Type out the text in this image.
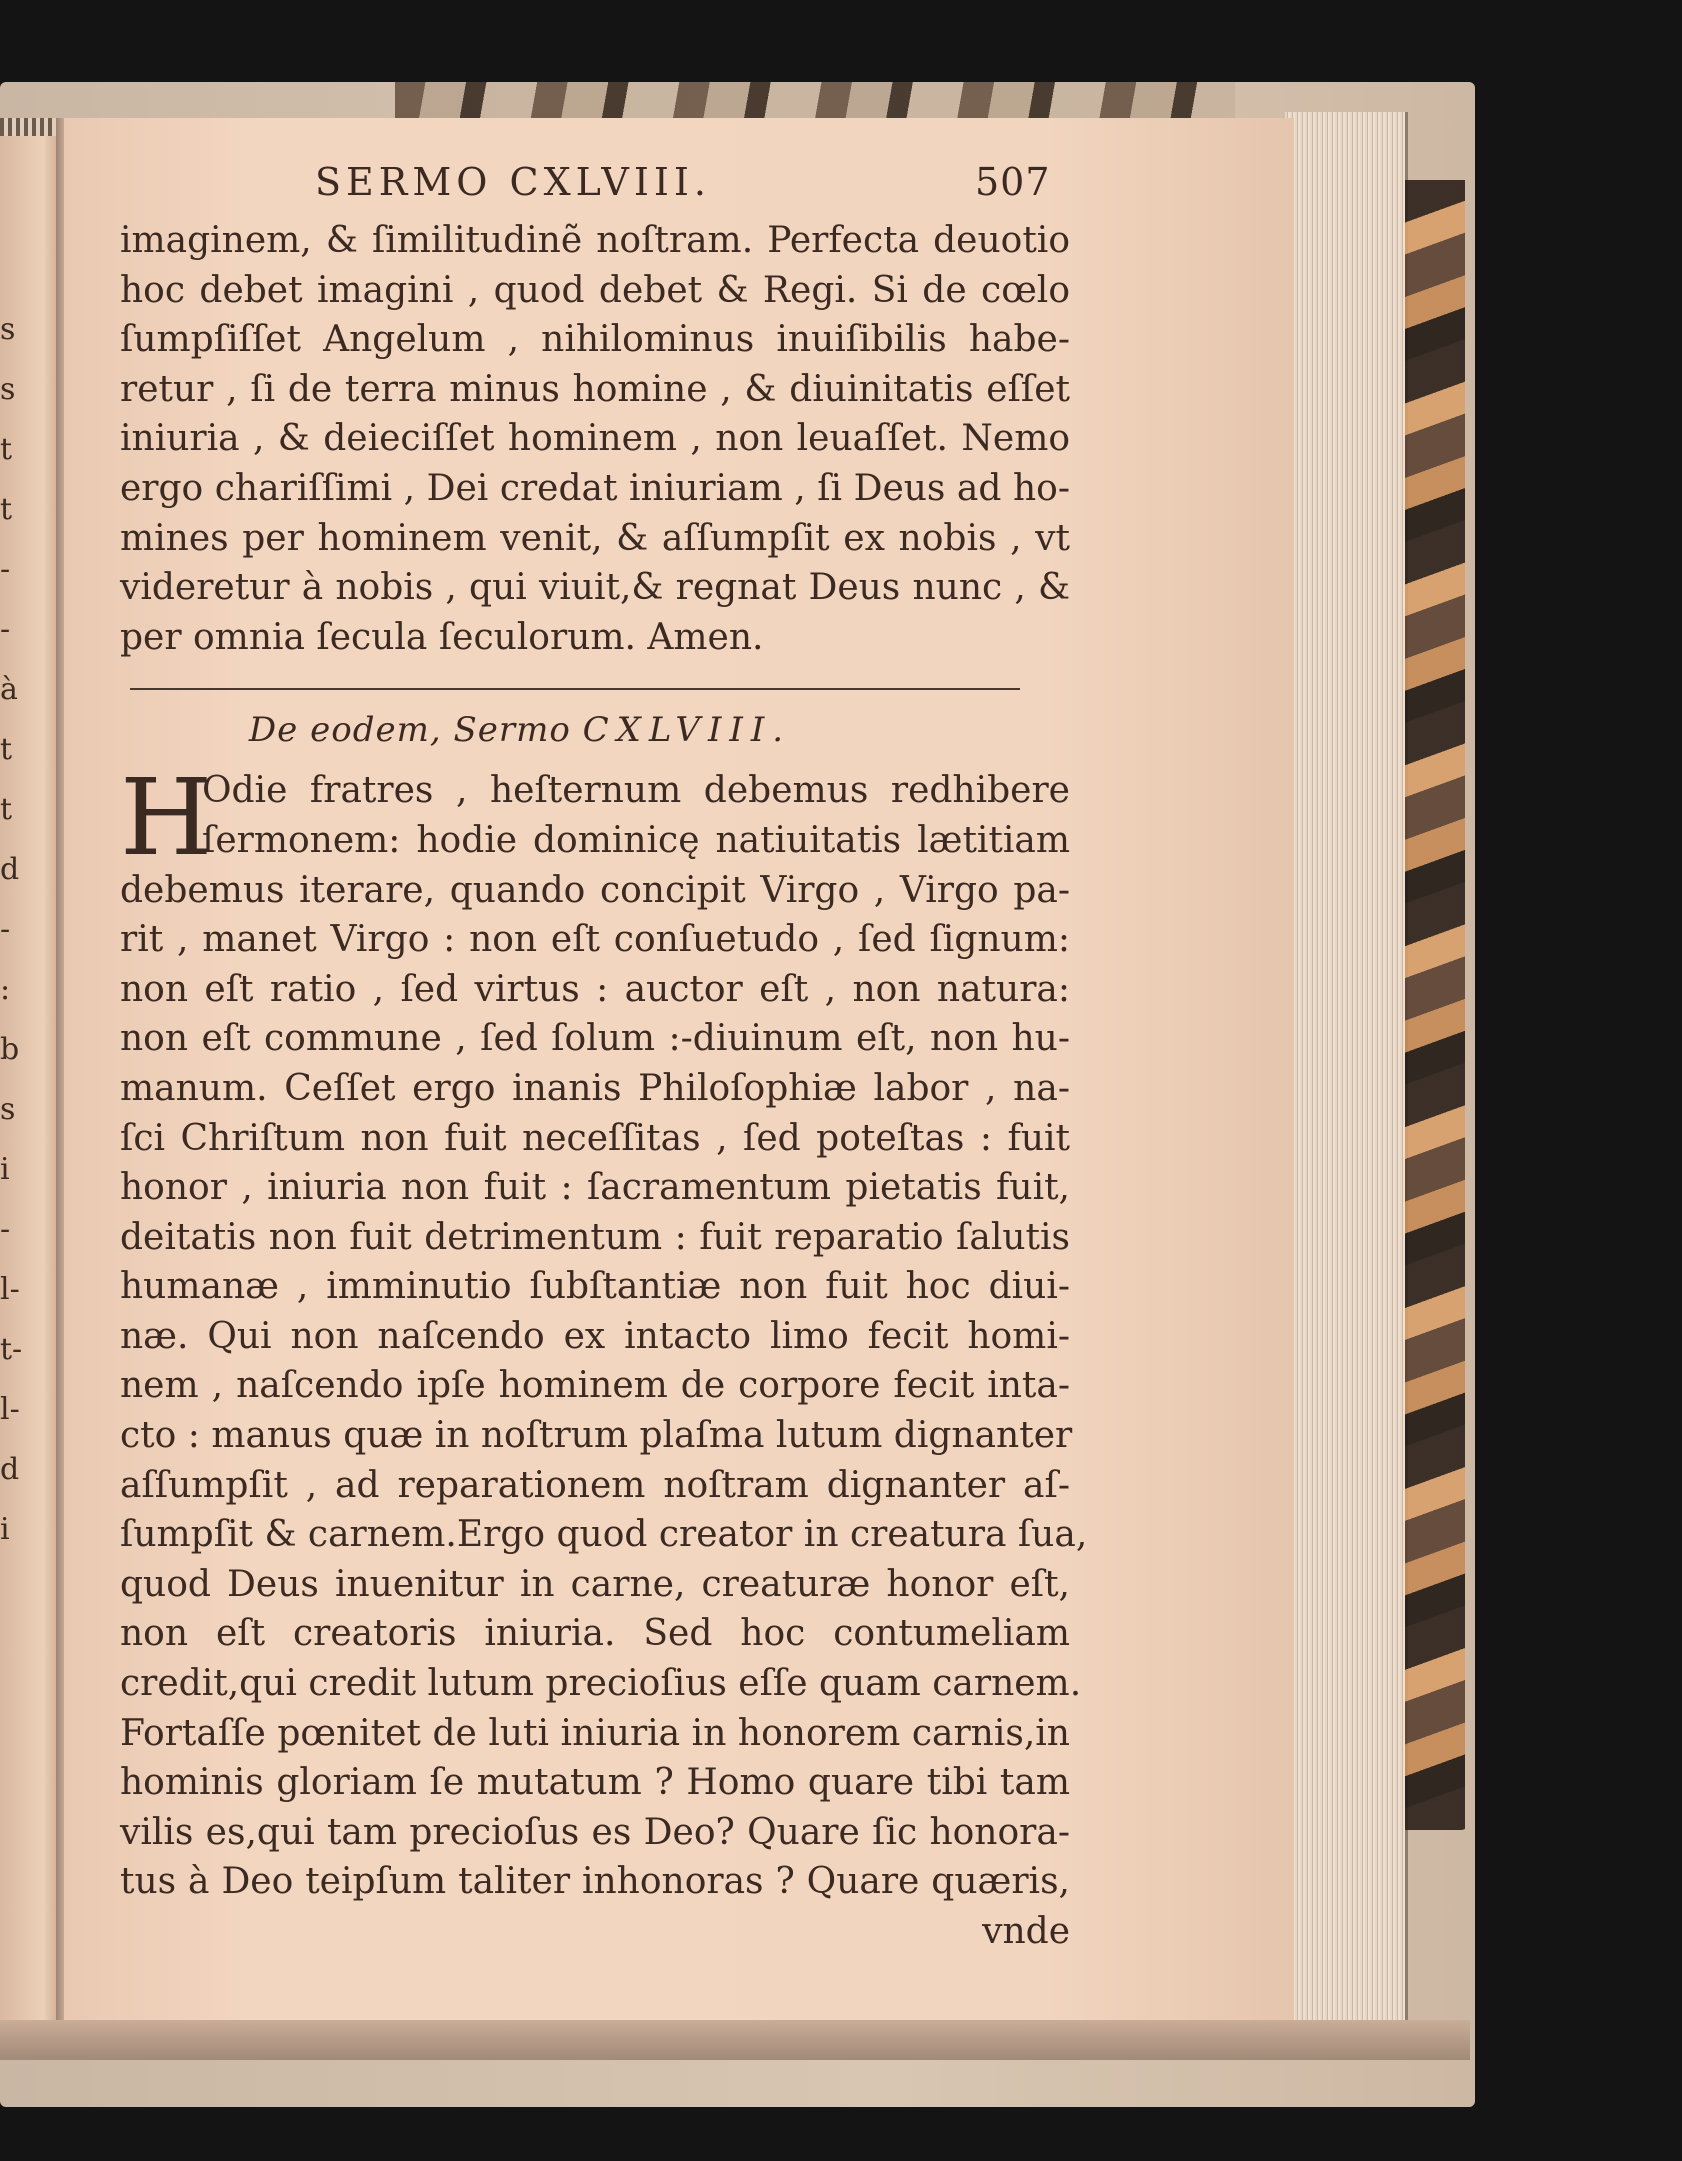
s
s
t
t
-
-
à
t
t
d
-
:
b
s
i
-
l-
t-
l-
d
i
SERMO CXLVIII.	507
imaginem, & ſimilitudinẽ noſtram. Perfecta deuotio
hoc debet imagini , quod debet & Regi. Si de cœlo
ſumpſiſſet Angelum , nihilominus inuiſibilis habe-
retur , ſi de terra minus homine , & diuinitatis eſſet
iniuria , & deieciſſet hominem , non leuaſſet. Nemo
ergo chariſſimi , Dei credat iniuriam , ſi Deus ad ho-
mines per hominem venit, & aſſumpſit ex nobis , vt
videretur à nobis , qui viuit,& regnat Deus nunc , &
per omnia ſecula ſeculorum. Amen.
De eodem, Sermo CXLVIII.
H
Odie fratres , heſternum debemus redhibere
ſermonem: hodie dominicę natiuitatis lætitiam
debemus iterare, quando concipit Virgo , Virgo pa-
rit , manet Virgo : non eſt conſuetudo , ſed ſignum:
non eſt ratio , ſed virtus : auctor eſt , non natura:
non eſt commune , ſed ſolum :-diuinum eſt, non hu-
manum. Ceſſet ergo inanis Philoſophiæ labor , na-
ſci Chriſtum non fuit neceſſitas , ſed poteſtas : fuit
honor , iniuria non fuit : ſacramentum pietatis fuit,
deitatis non fuit detrimentum : fuit reparatio ſalutis
humanæ , imminutio ſubſtantiæ non fuit hoc diui-
næ. Qui non naſcendo ex intacto limo fecit homi-
nem , naſcendo ipſe hominem de corpore fecit inta-
cto : manus quæ in noſtrum plaſma lutum dignanter
aſſumpſit , ad reparationem noſtram dignanter aſ-
ſumpſit & carnem.Ergo quod creator in creatura ſua,
quod Deus inuenitur in carne, creaturæ honor eſt,
non eſt creatoris iniuria. Sed hoc contumeliam
credit,qui credit lutum precioſius eſſe quam carnem.
Fortaſſe pœnitet de luti iniuria in honorem carnis,in
hominis gloriam ſe mutatum ? Homo quare tibi tam
vilis es,qui tam precioſus es Deo? Quare ſic honora-
tus à Deo teipſum taliter inhonoras ? Quare quæris,
vnde
